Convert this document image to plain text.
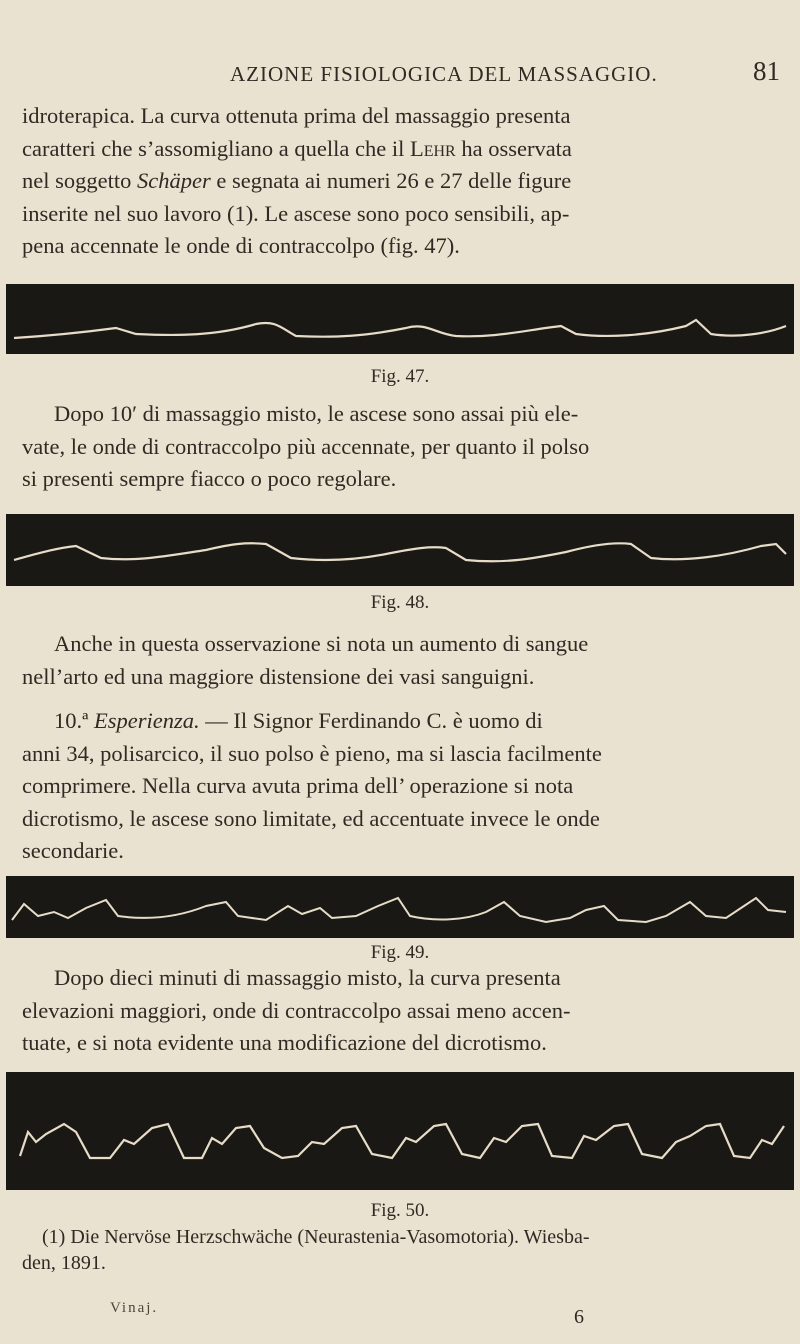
AZIONE FISIOLOGICA DEL MASSAGGIO.	81
idroterapica. La curva ottenuta prima del massaggio presenta
caratteri che s’assomigliano a quella che il Lehr ha osservata
nel soggetto Schäper e segnata ai numeri 26 e 27 delle figure
inserite nel suo lavoro (1). Le ascese sono poco sensibili, ap-
pena accennate le onde di contraccolpo (fig. 47).
Fig. 47.
Dopo 10′ di massaggio misto, le ascese sono assai più ele-
vate, le onde di contraccolpo più accennate, per quanto il polso
si presenti sempre fiacco o poco regolare.
Fig. 48.
Anche in questa osservazione si nota un aumento di sangue
nell’arto ed una maggiore distensione dei vasi sanguigni.
10.ª Esperienza. — Il Signor Ferdinando C. è uomo di
anni 34, polisarcico, il suo polso è pieno, ma si lascia facilmente
comprimere. Nella curva avuta prima dell’ operazione si nota
dicrotismo, le ascese sono limitate, ed accentuate invece le onde
secondarie.
Fig. 49.
Dopo dieci minuti di massaggio misto, la curva presenta
elevazioni maggiori, onde di contraccolpo assai meno accen-
tuate, e si nota evidente una modificazione del dicrotismo.
Fig. 50.
(1) Die Nervöse Herzschwäche (Neurastenia-Vasomotoria). Wiesba-
den, 1891.
Vinaj.	6
